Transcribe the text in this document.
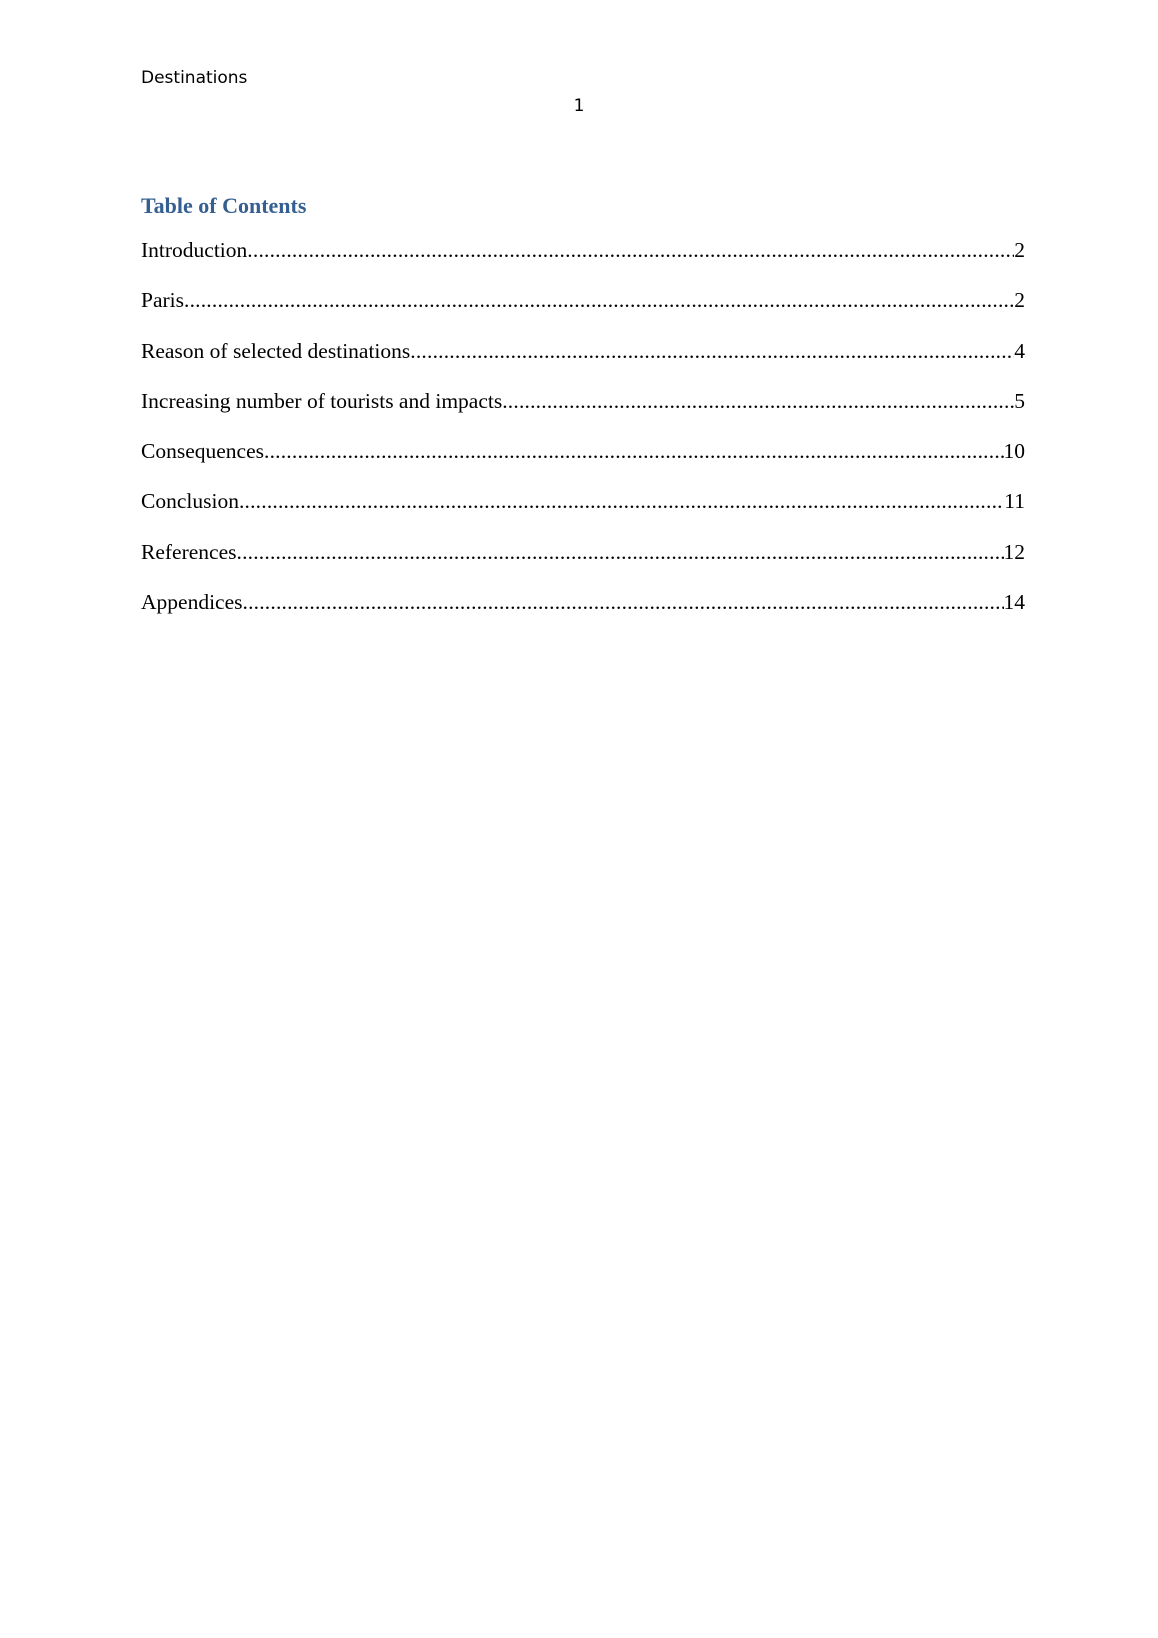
Destinations
1
Table of Contents
Introduction .....	2
Paris .....	2
Reason of selected destinations .....	4
Increasing number of tourists and impacts .....	5
Consequences .....	10
Conclusion .....	11
References .....	12
Appendices .....	14
